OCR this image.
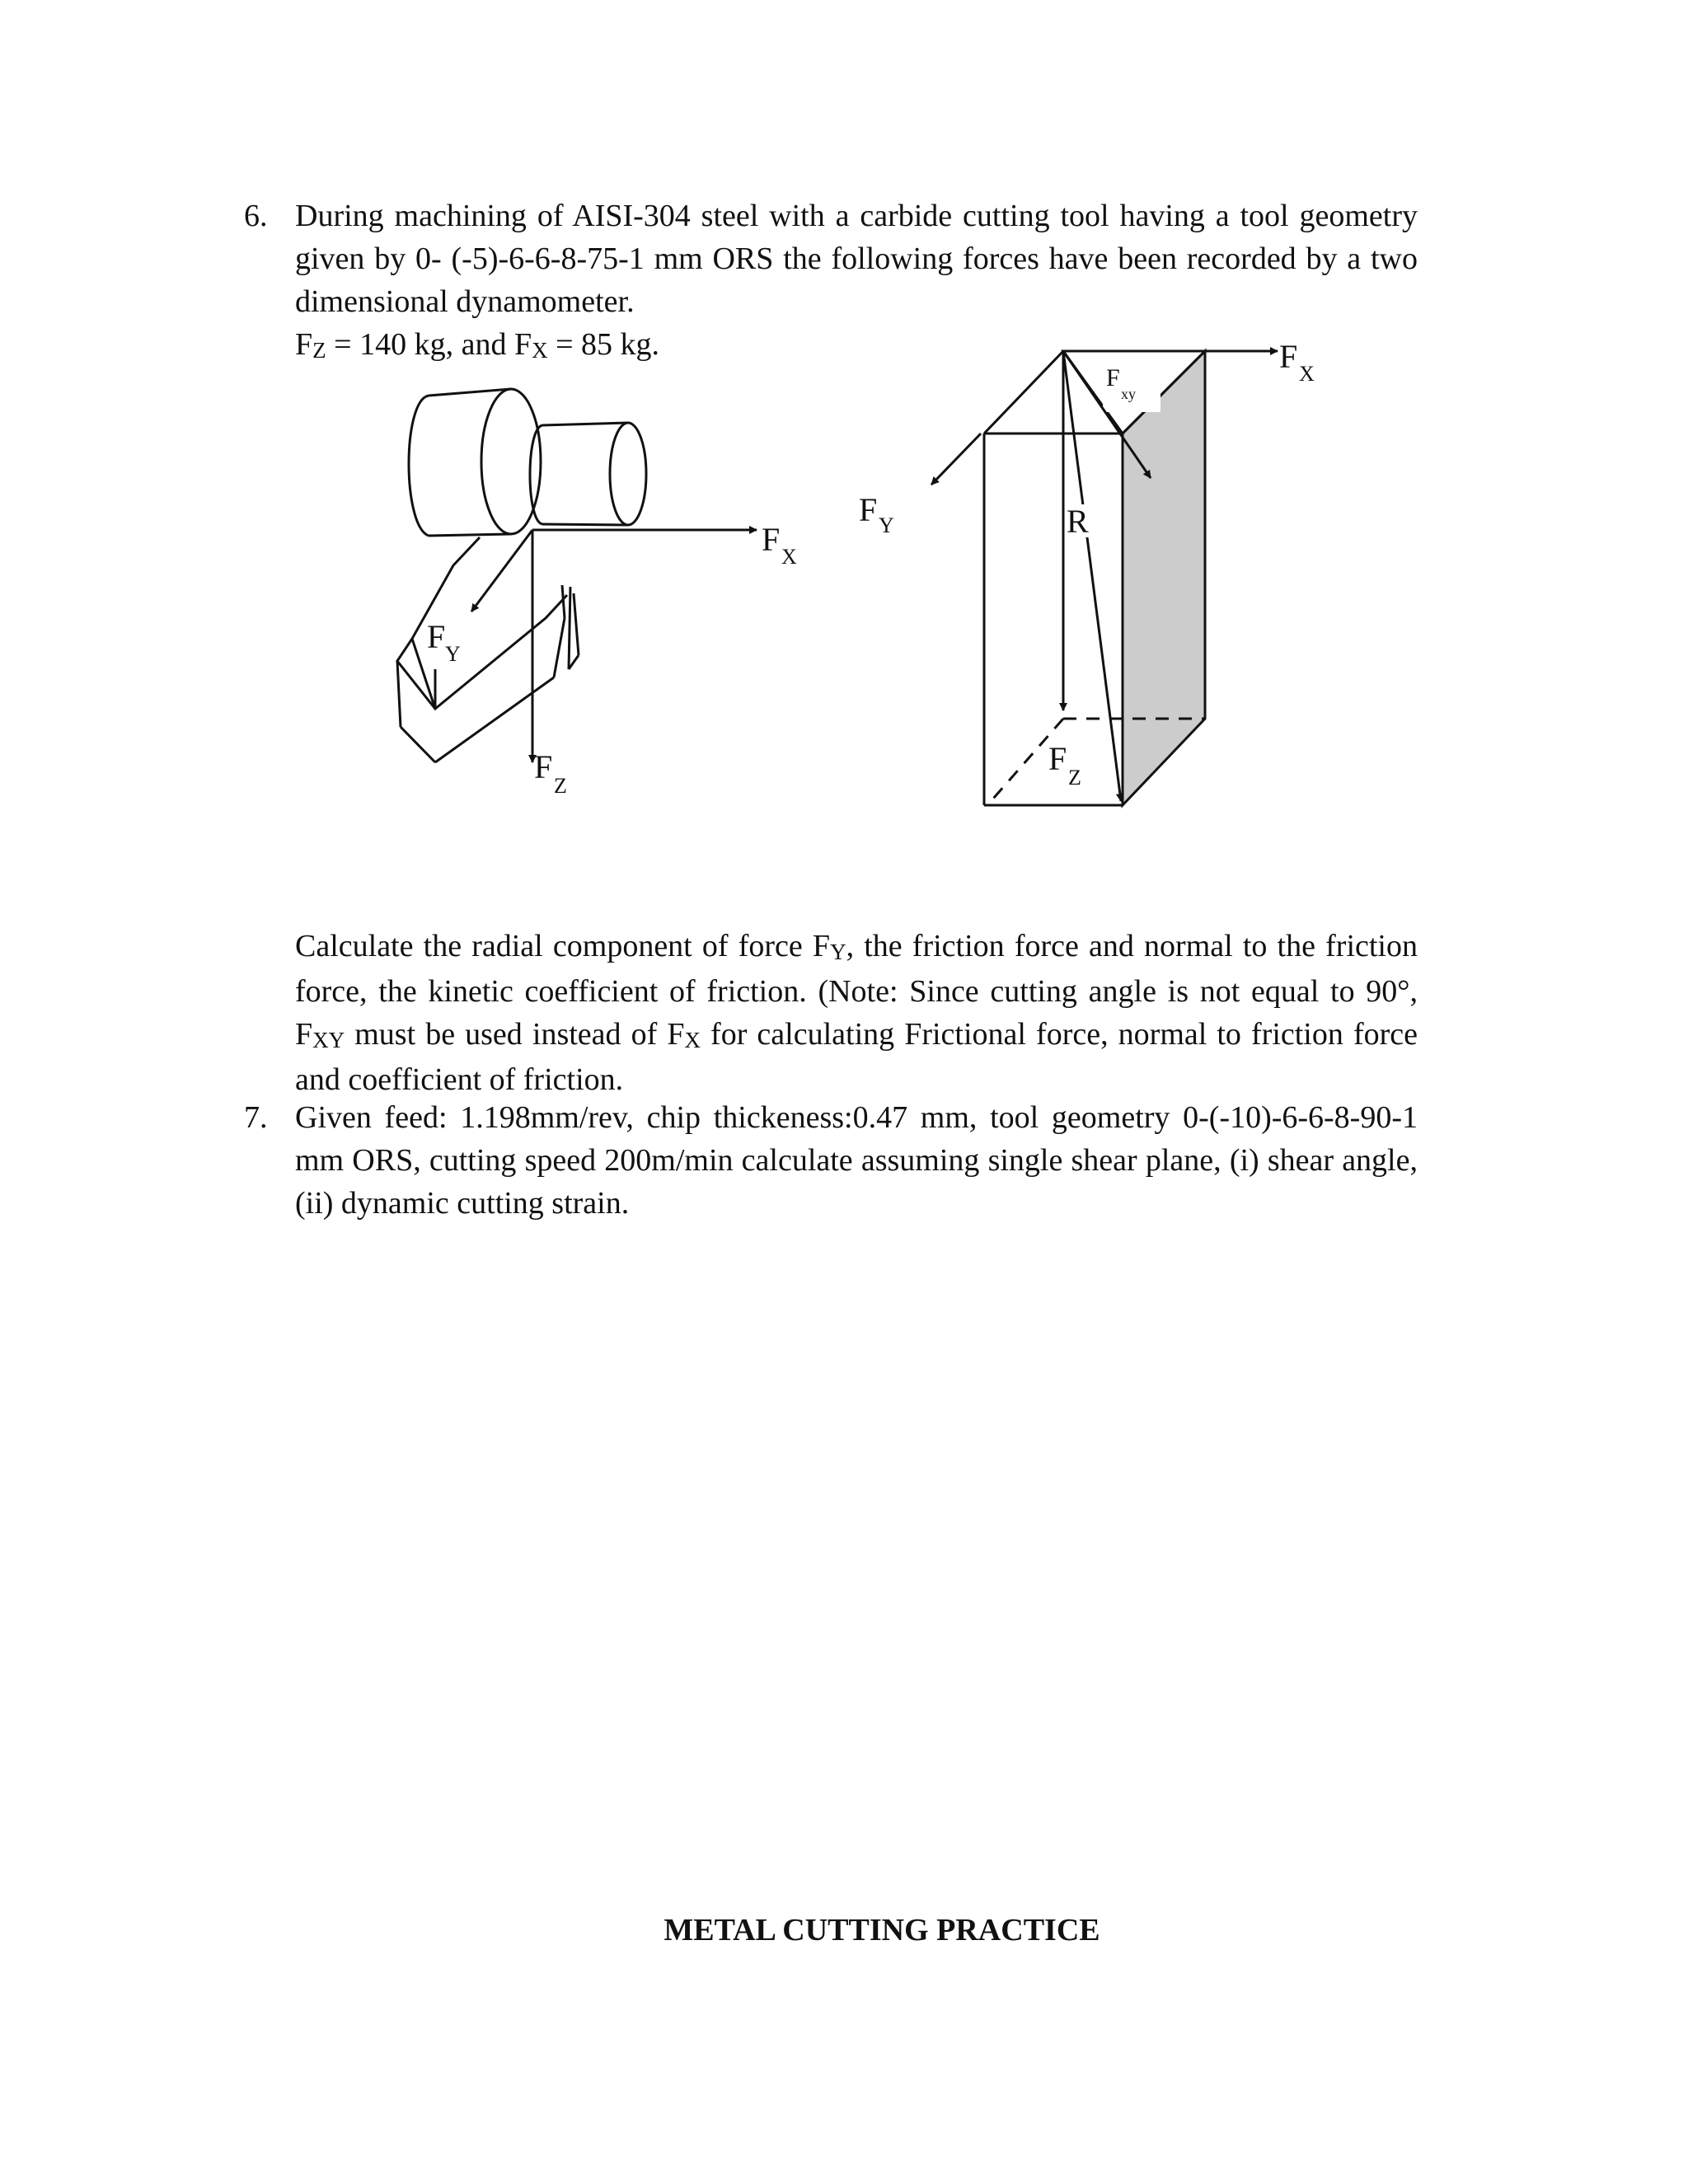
6. During machining of AISI-304 steel with a carbide cutting tool having a tool geometry given by 0- (-5)-6-6-8-75-1 mm ORS the following forces have been recorded by a two dimensional dynamometer.

FZ = 140 kg, and FX = 85 kg.
F X
F Y
F
Z
F X
F
xy
F Y	R
F
Z

Calculate the radial component of force FY, the friction force and normal to the friction force, the kinetic coefficient of friction. (Note: Since cutting angle is not equal to 90°, FXY must be used instead of FX for calculating Frictional force, normal to friction force and coefficient of friction.

7. Given feed: 1.198mm/rev, chip thickeness:0.47 mm, tool geometry 0-(-10)-6-6-8-90-1 mm ORS, cutting speed 200m/min calculate assuming single shear plane, (i) shear angle, (ii) dynamic cutting strain.

METAL CUTTING PRACTICE
